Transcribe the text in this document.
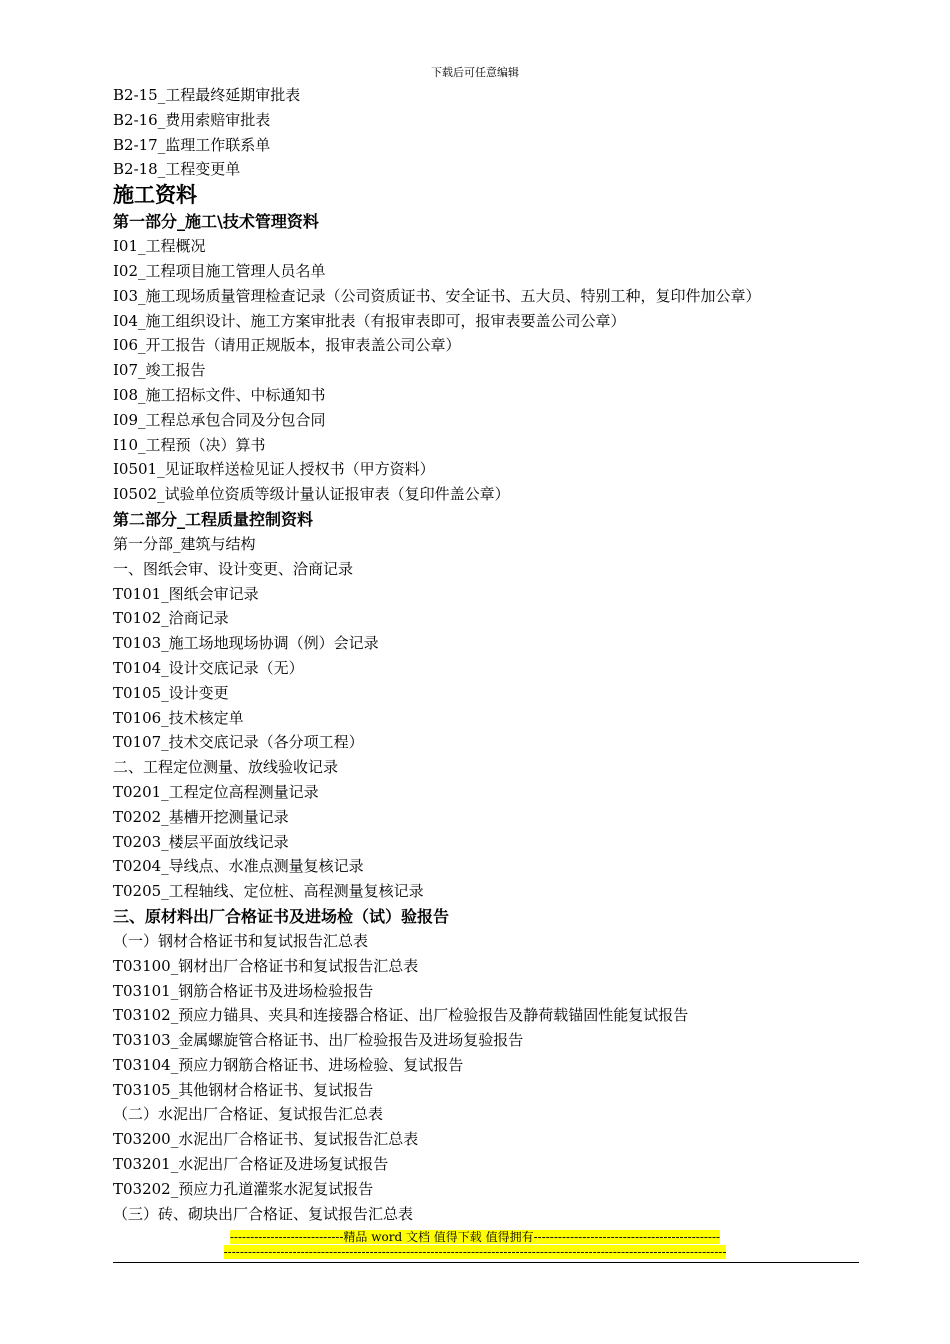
下载后可任意编辑
B2-15_工程最终延期审批表
B2-16_费用索赔审批表
B2-17_监理工作联系单
B2-18_工程变更单
施工资料
第一部分_施工\技术管理资料
I01_工程概况
I02_工程项目施工管理人员名单
I03_施工现场质量管理检查记录（公司资质证书、安全证书、五大员、特别工种，复印件加公章）
I04_施工组织设计、施工方案审批表（有报审表即可，报审表要盖公司公章）
I06_开工报告（请用正规版本，报审表盖公司公章）
I07_竣工报告
I08_施工招标文件、中标通知书
I09_工程总承包合同及分包合同
I10_工程预（决）算书
I0501_见证取样送检见证人授权书（甲方资料）
I0502_试验单位资质等级计量认证报审表（复印件盖公章）
第二部分_工程质量控制资料
第一分部_建筑与结构
一、图纸会审、设计变更、洽商记录
T0101_图纸会审记录
T0102_洽商记录
T0103_施工场地现场协调（例）会记录
T0104_设计交底记录（无）
T0105_设计变更
T0106_技术核定单
T0107_技术交底记录（各分项工程）
二、工程定位测量、放线验收记录
T0201_工程定位高程测量记录
T0202_基槽开挖测量记录
T0203_楼层平面放线记录
T0204_导线点、水准点测量复核记录
T0205_工程轴线、定位桩、高程测量复核记录
三、原材料出厂合格证书及进场检（试）验报告
（一）钢材合格证书和复试报告汇总表
T03100_钢材出厂合格证书和复试报告汇总表
T03101_钢筋合格证书及进场检验报告
T03102_预应力锚具、夹具和连接器合格证、出厂检验报告及静荷载锚固性能复试报告
T03103_金属螺旋管合格证书、出厂检验报告及进场复验报告
T03104_预应力钢筋合格证书、进场检验、复试报告
T03105_其他钢材合格证书、复试报告
（二）水泥出厂合格证、复试报告汇总表
T03200_水泥出厂合格证书、复试报告汇总表
T03201_水泥出厂合格证及进场复试报告
T03202_预应力孔道灌浆水泥复试报告
（三）砖、砌块出厂合格证、复试报告汇总表
----------------------------精品 word 文档 值得下载 值得拥有----------------------------------------------
----------------------------------------------------------------------------------------------------------------------------
